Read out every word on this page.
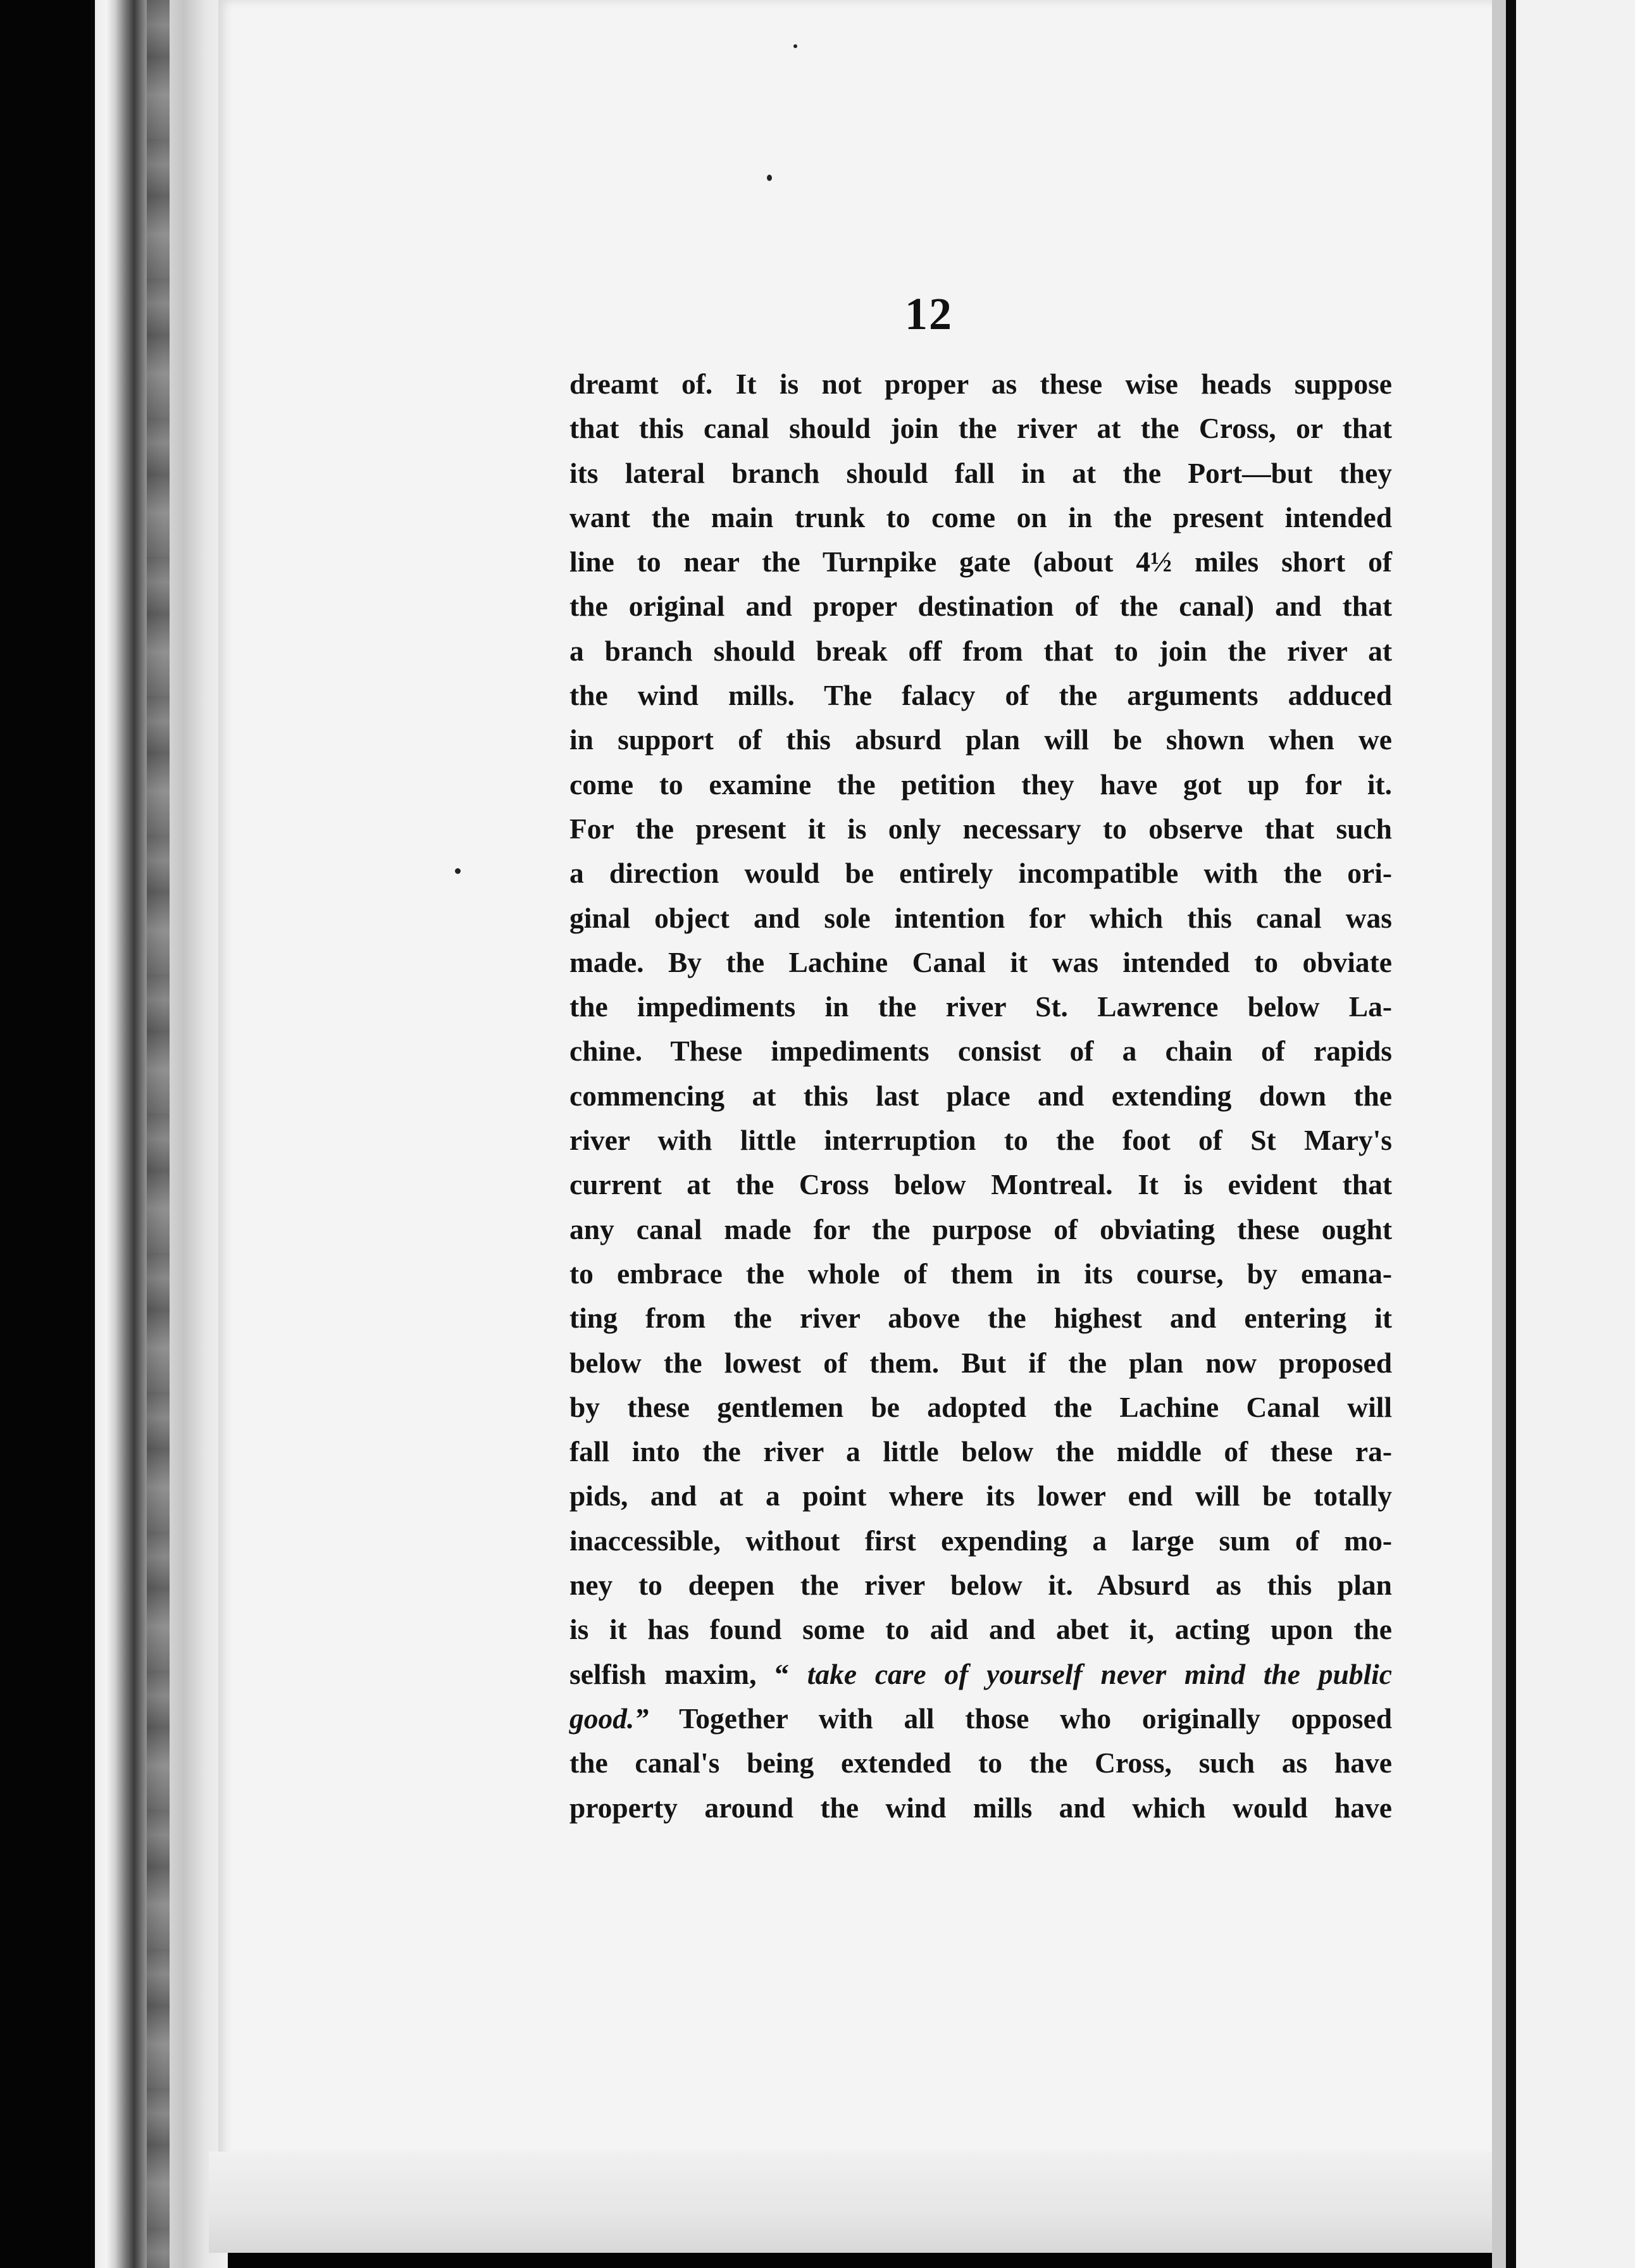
12
dreamt of. It is not proper as these wise heads suppose
that this canal should join the river at the Cross, or that
its lateral branch should fall in at the Port—but they
want the main trunk to come on in the present intended
line to near the Turnpike gate (about 4½ miles short of
the original and proper destination of the canal) and that
a branch should break off from that to join the river at
the wind mills. The falacy of the arguments adduced
in support of this absurd plan will be shown when we
come to examine the petition they have got up for it.
For the present it is only necessary to observe that such
a direction would be entirely incompatible with the ori-
ginal object and sole intention for which this canal was
made. By the Lachine Canal it was intended to obviate
the impediments in the river St. Lawrence below La-
chine. These impediments consist of a chain of rapids
commencing at this last place and extending down the
river with little interruption to the foot of St Mary's
current at the Cross below Montreal. It is evident that
any canal made for the purpose of obviating these ought
to embrace the whole of them in its course, by emana-
ting from the river above the highest and entering it
below the lowest of them. But if the plan now proposed
by these gentlemen be adopted the Lachine Canal will
fall into the river a little below the middle of these ra-
pids, and at a point where its lower end will be totally
inaccessible, without first expending a large sum of mo-
ney to deepen the river below it. Absurd as this plan
is it has found some to aid and abet it, acting upon the
selfish maxim, “ take care of yourself never mind the public
good.” Together with all those who originally opposed
the canal's being extended to the Cross, such as have
property around the wind mills and which would have
